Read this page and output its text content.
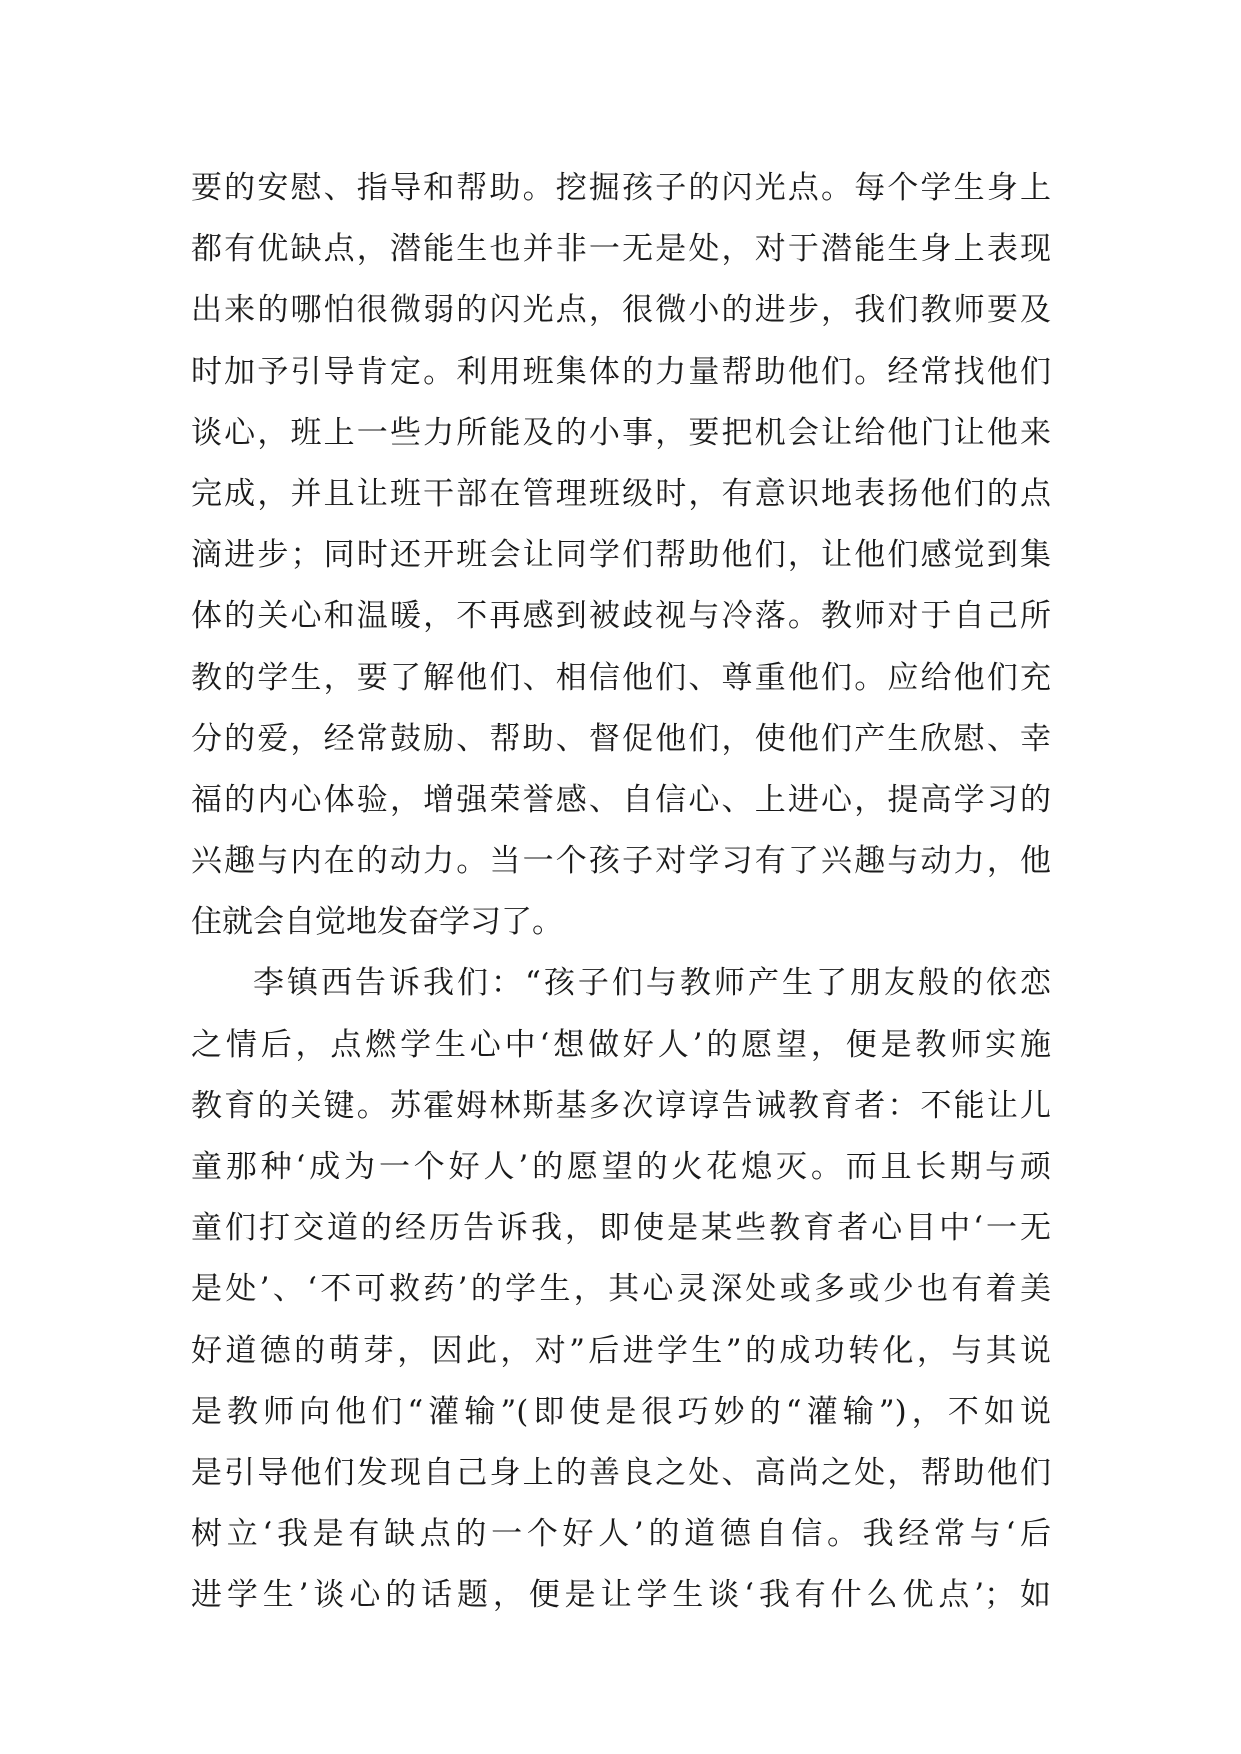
要的安慰、指导和帮助。挖掘孩子的闪光点。每个学生身上
都有优缺点，潜能生也并非一无是处，对于潜能生身上表现
出来的哪怕很微弱的闪光点，很微小的进步，我们教师要及
时加予引导肯定。利用班集体的力量帮助他们。经常找他们
谈心，班上一些力所能及的小事，要把机会让给他门让他来
完成，并且让班干部在管理班级时，有意识地表扬他们的点
滴进步；同时还开班会让同学们帮助他们，让他们感觉到集
体的关心和温暖，不再感到被歧视与冷落。教师对于自己所
教的学生，要了解他们、相信他们、尊重他们。应给他们充
分的爱，经常鼓励、帮助、督促他们，使他们产生欣慰、幸
福的内心体验，增强荣誉感、自信心、上进心，提高学习的
兴趣与内在的动力。当一个孩子对学习有了兴趣与动力，他
住就会自觉地发奋学习了。
李镇西告诉我们：“孩子们与教师产生了朋友般的依恋
之情后，点燃学生心中‘想做好人’的愿望，便是教师实施
教育的关键。苏霍姆林斯基多次谆谆告诫教育者：不能让儿
童那种‘成为一个好人’的愿望的火花熄灭。而且长期与顽
童们打交道的经历告诉我，即使是某些教育者心目中‘一无
是处’、‘不可救药’的学生，其心灵深处或多或少也有着美
好道德的萌芽，因此，对”后进学生”的成功转化，与其说
是教师向他们“灌输”(即使是很巧妙的“灌输”)，不如说
是引导他们发现自己身上的善良之处、高尚之处，帮助他们
树立‘我是有缺点的一个好人’的道德自信。我经常与‘后
进学生’谈心的话题，便是让学生谈‘我有什么优点’；如
